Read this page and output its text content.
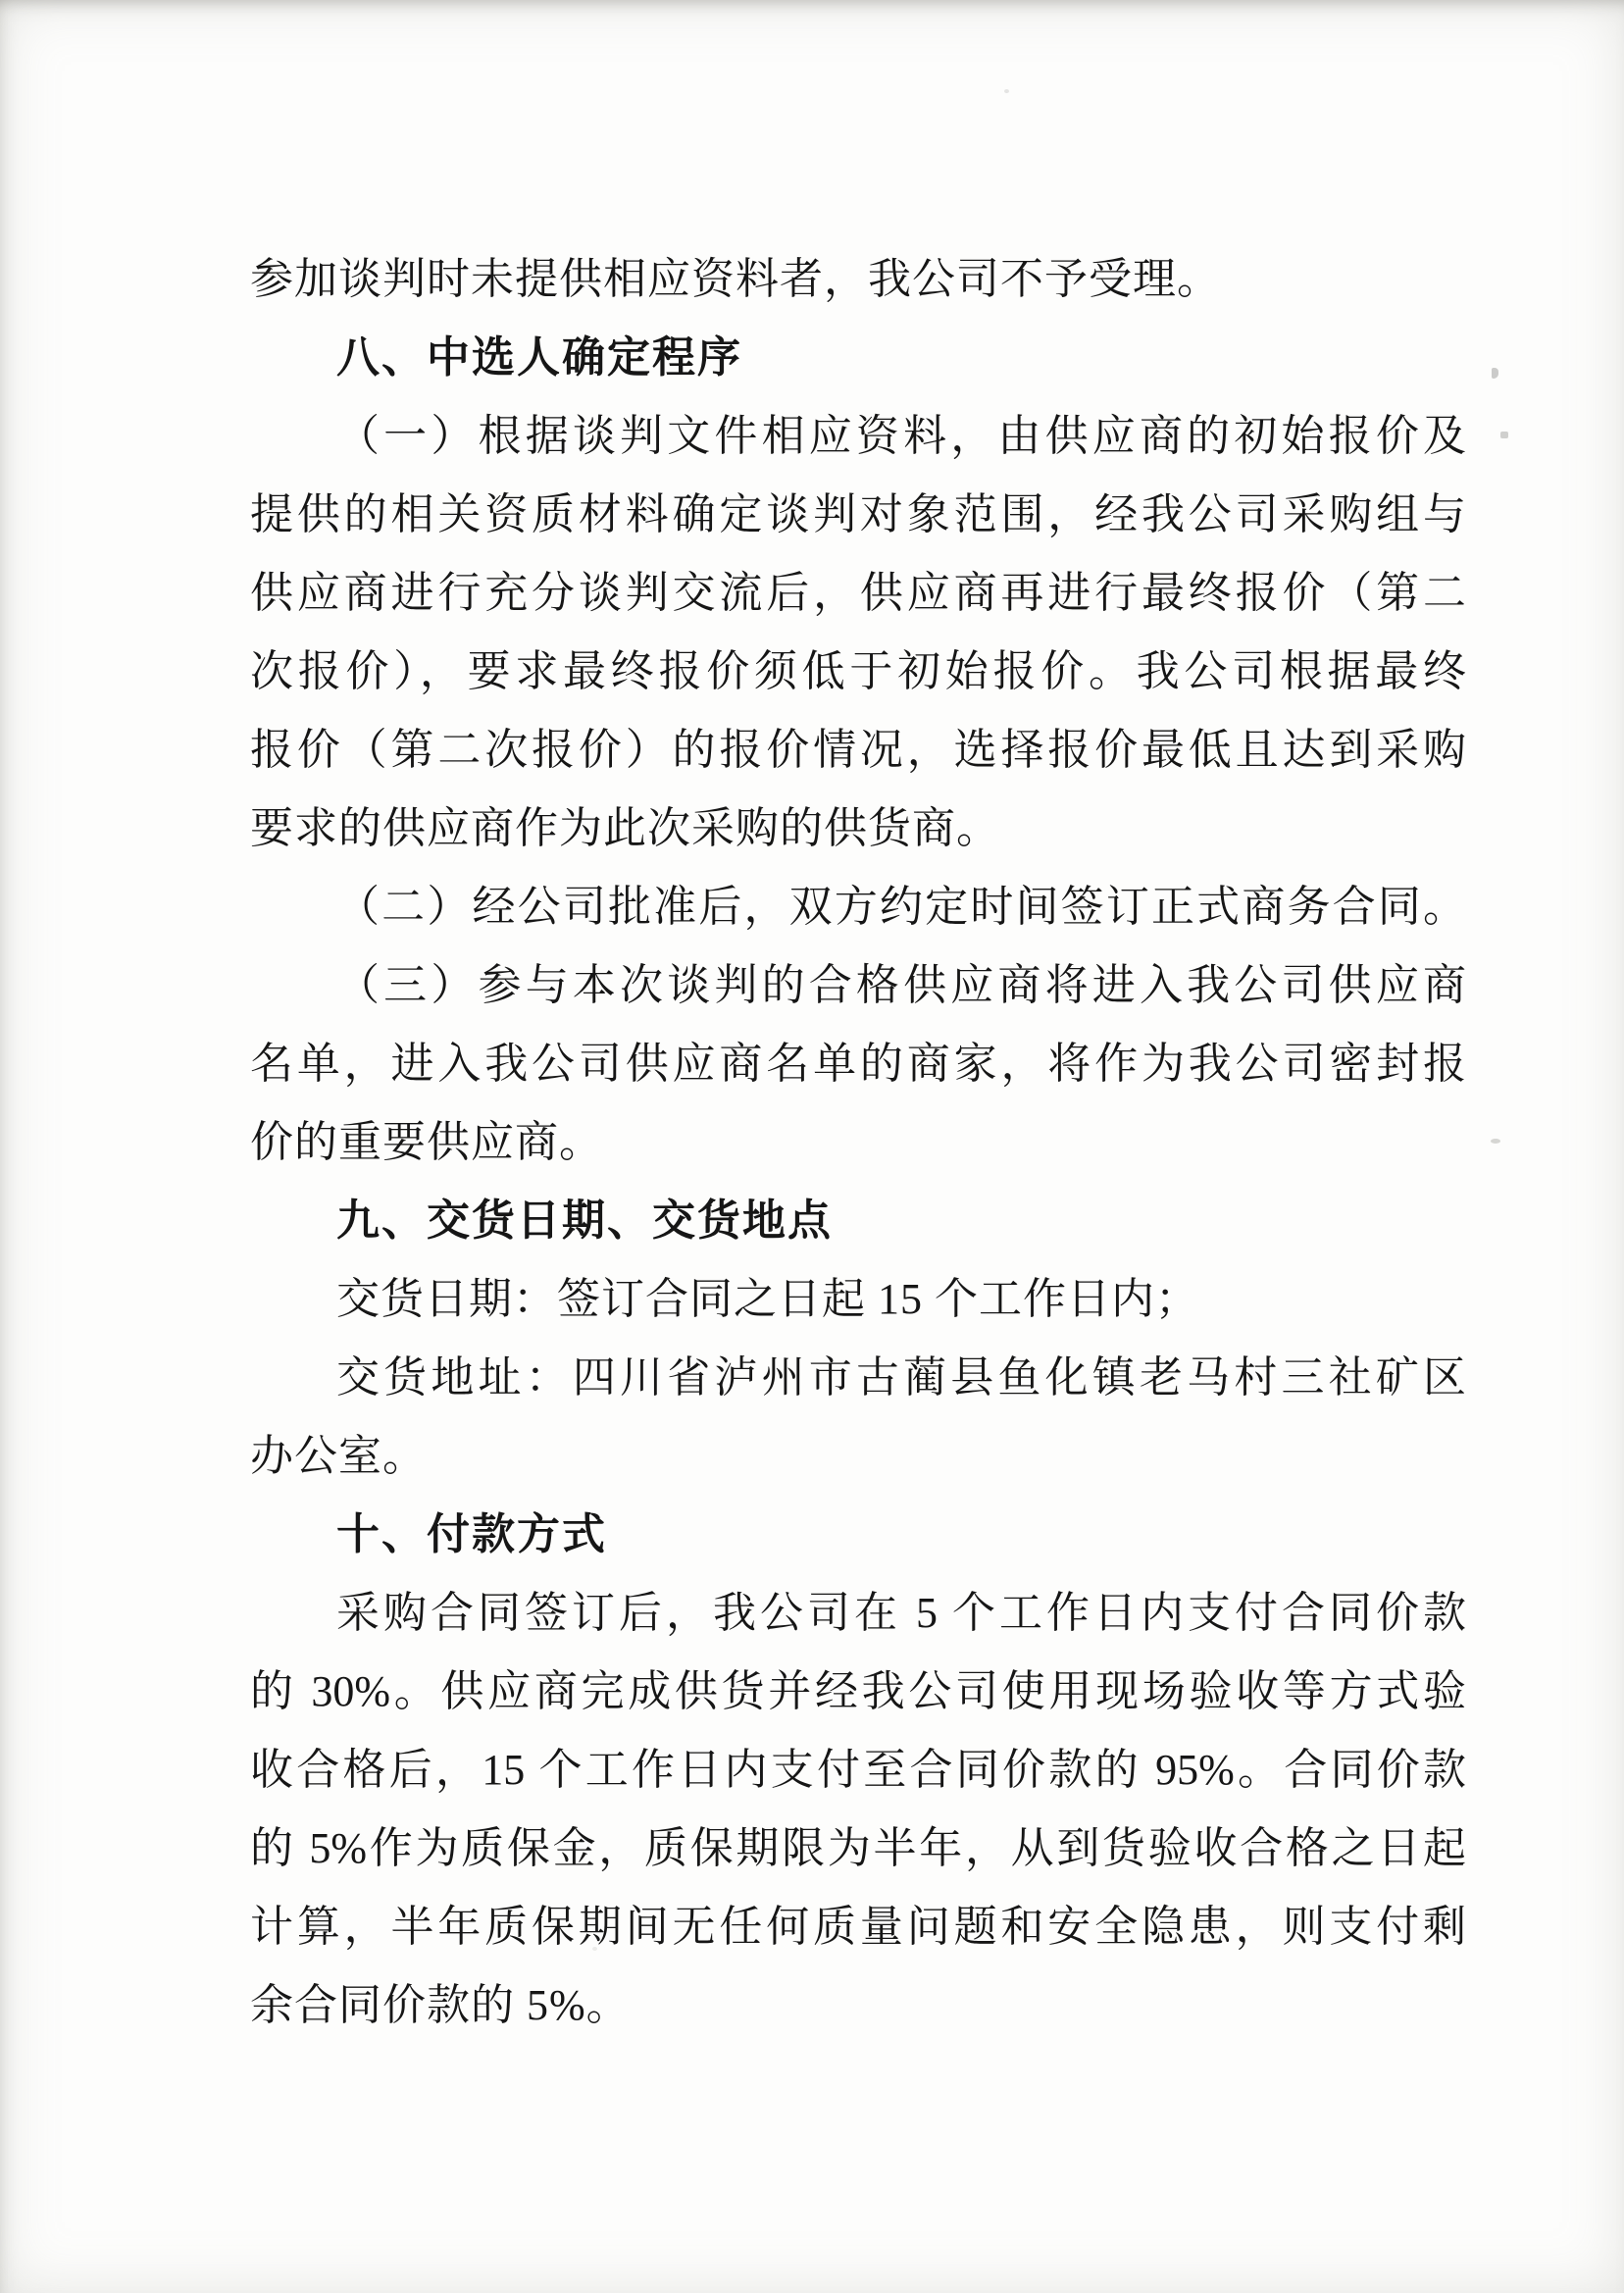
参加谈判时未提供相应资料者，我公司不予受理。
八、中选人确定程序
（一）根据谈判文件相应资料，由供应商的初始报价及
提供的相关资质材料确定谈判对象范围，经我公司采购组与
供应商进行充分谈判交流后，供应商再进行最终报价（第二
次报价），要求最终报价须低于初始报价。我公司根据最终
报价（第二次报价）的报价情况，选择报价最低且达到采购
要求的供应商作为此次采购的供货商。
（二）经公司批准后，双方约定时间签订正式商务合同。
（三）参与本次谈判的合格供应商将进入我公司供应商
名单，进入我公司供应商名单的商家，将作为我公司密封报
价的重要供应商。
九、交货日期、交货地点
交货日期：签订合同之日起 15 个工作日内；
交货地址：四川省泸州市古蔺县鱼化镇老马村三社矿区
办公室。
十、付款方式
采购合同签订后，我公司在 5 个工作日内支付合同价款
的 30%。供应商完成供货并经我公司使用现场验收等方式验
收合格后，15 个工作日内支付至合同价款的 95%。合同价款
的 5%作为质保金，质保期限为半年，从到货验收合格之日起
计算，半年质保期间无任何质量问题和安全隐患，则支付剩
余合同价款的 5%。
